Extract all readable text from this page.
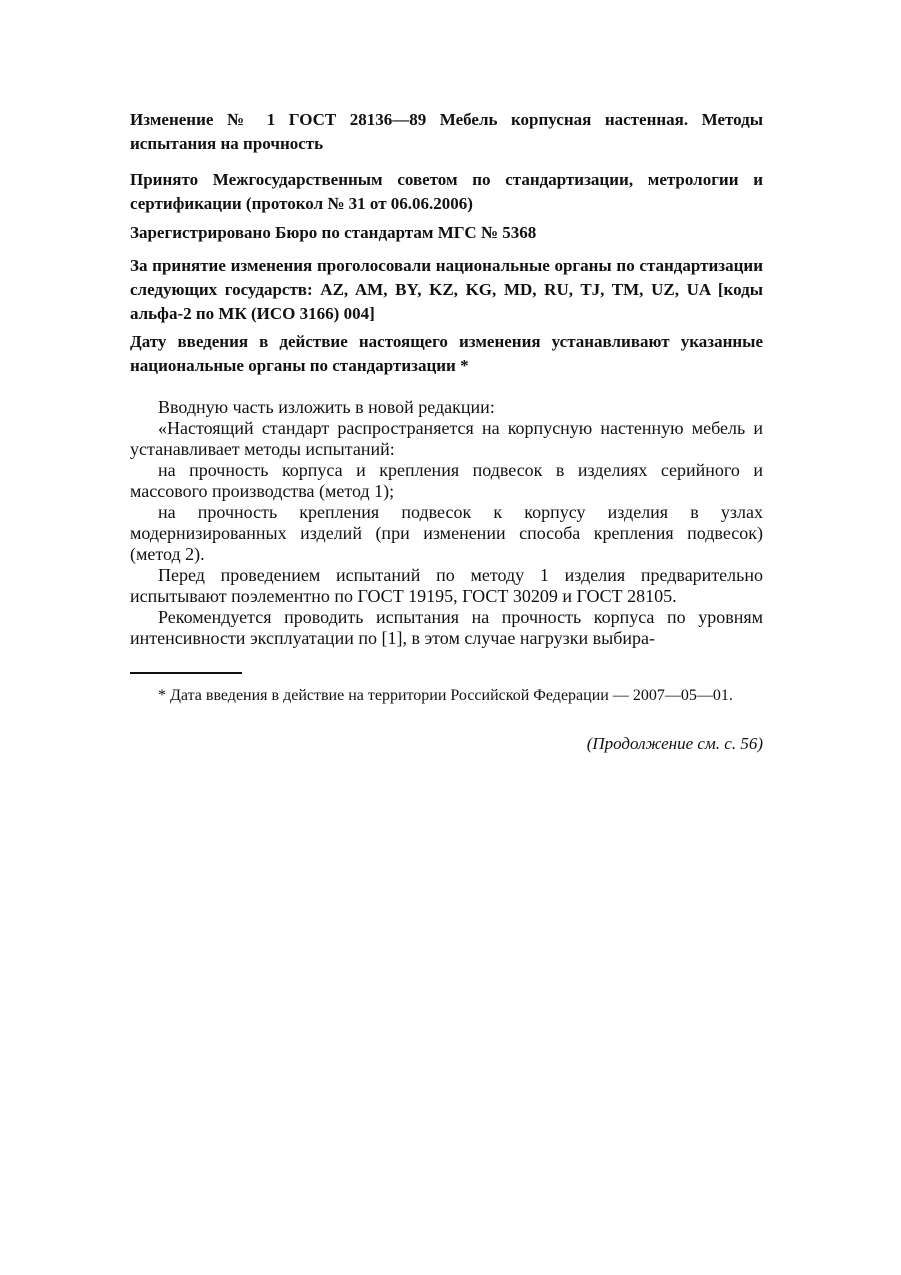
Изменение № 1 ГОСТ 28136—89 Мебель корпусная настенная. Методы испытания на прочность

Принято Межгосударственным советом по стандартизации, метрологии и сертификации (протокол № 31 от 06.06.2006)

Зарегистрировано Бюро по стандартам МГС № 5368

За принятие изменения проголосовали национальные органы по стандартизации следующих государств: AZ, AM, BY, KZ, KG, MD, RU, TJ, TM, UZ, UA [коды альфа-2 по МК (ИСО 3166) 004]

Дату введения в действие настоящего изменения устанавливают указанные национальные органы по стандартизации *

Вводную часть изложить в новой редакции:

«Настоящий стандарт распространяется на корпусную настенную мебель и устанавливает методы испытаний:

на прочность корпуса и крепления подвесок в изделиях серийного и массового производства (метод 1);

на прочность крепления подвесок к корпусу изделия в узлах модернизированных изделий (при изменении способа крепления подвесок) (метод 2).

Перед проведением испытаний по методу 1 изделия предварительно испытывают поэлементно по ГОСТ 19195, ГОСТ 30209 и ГОСТ 28105.

Рекомендуется проводить испытания на прочность корпуса по уровням интенсивности эксплуатации по [1], в этом случае нагрузки выбира-

* Дата введения в действие на территории Российской Федерации — 2007—05—01.

(Продолжение см. с. 56)
